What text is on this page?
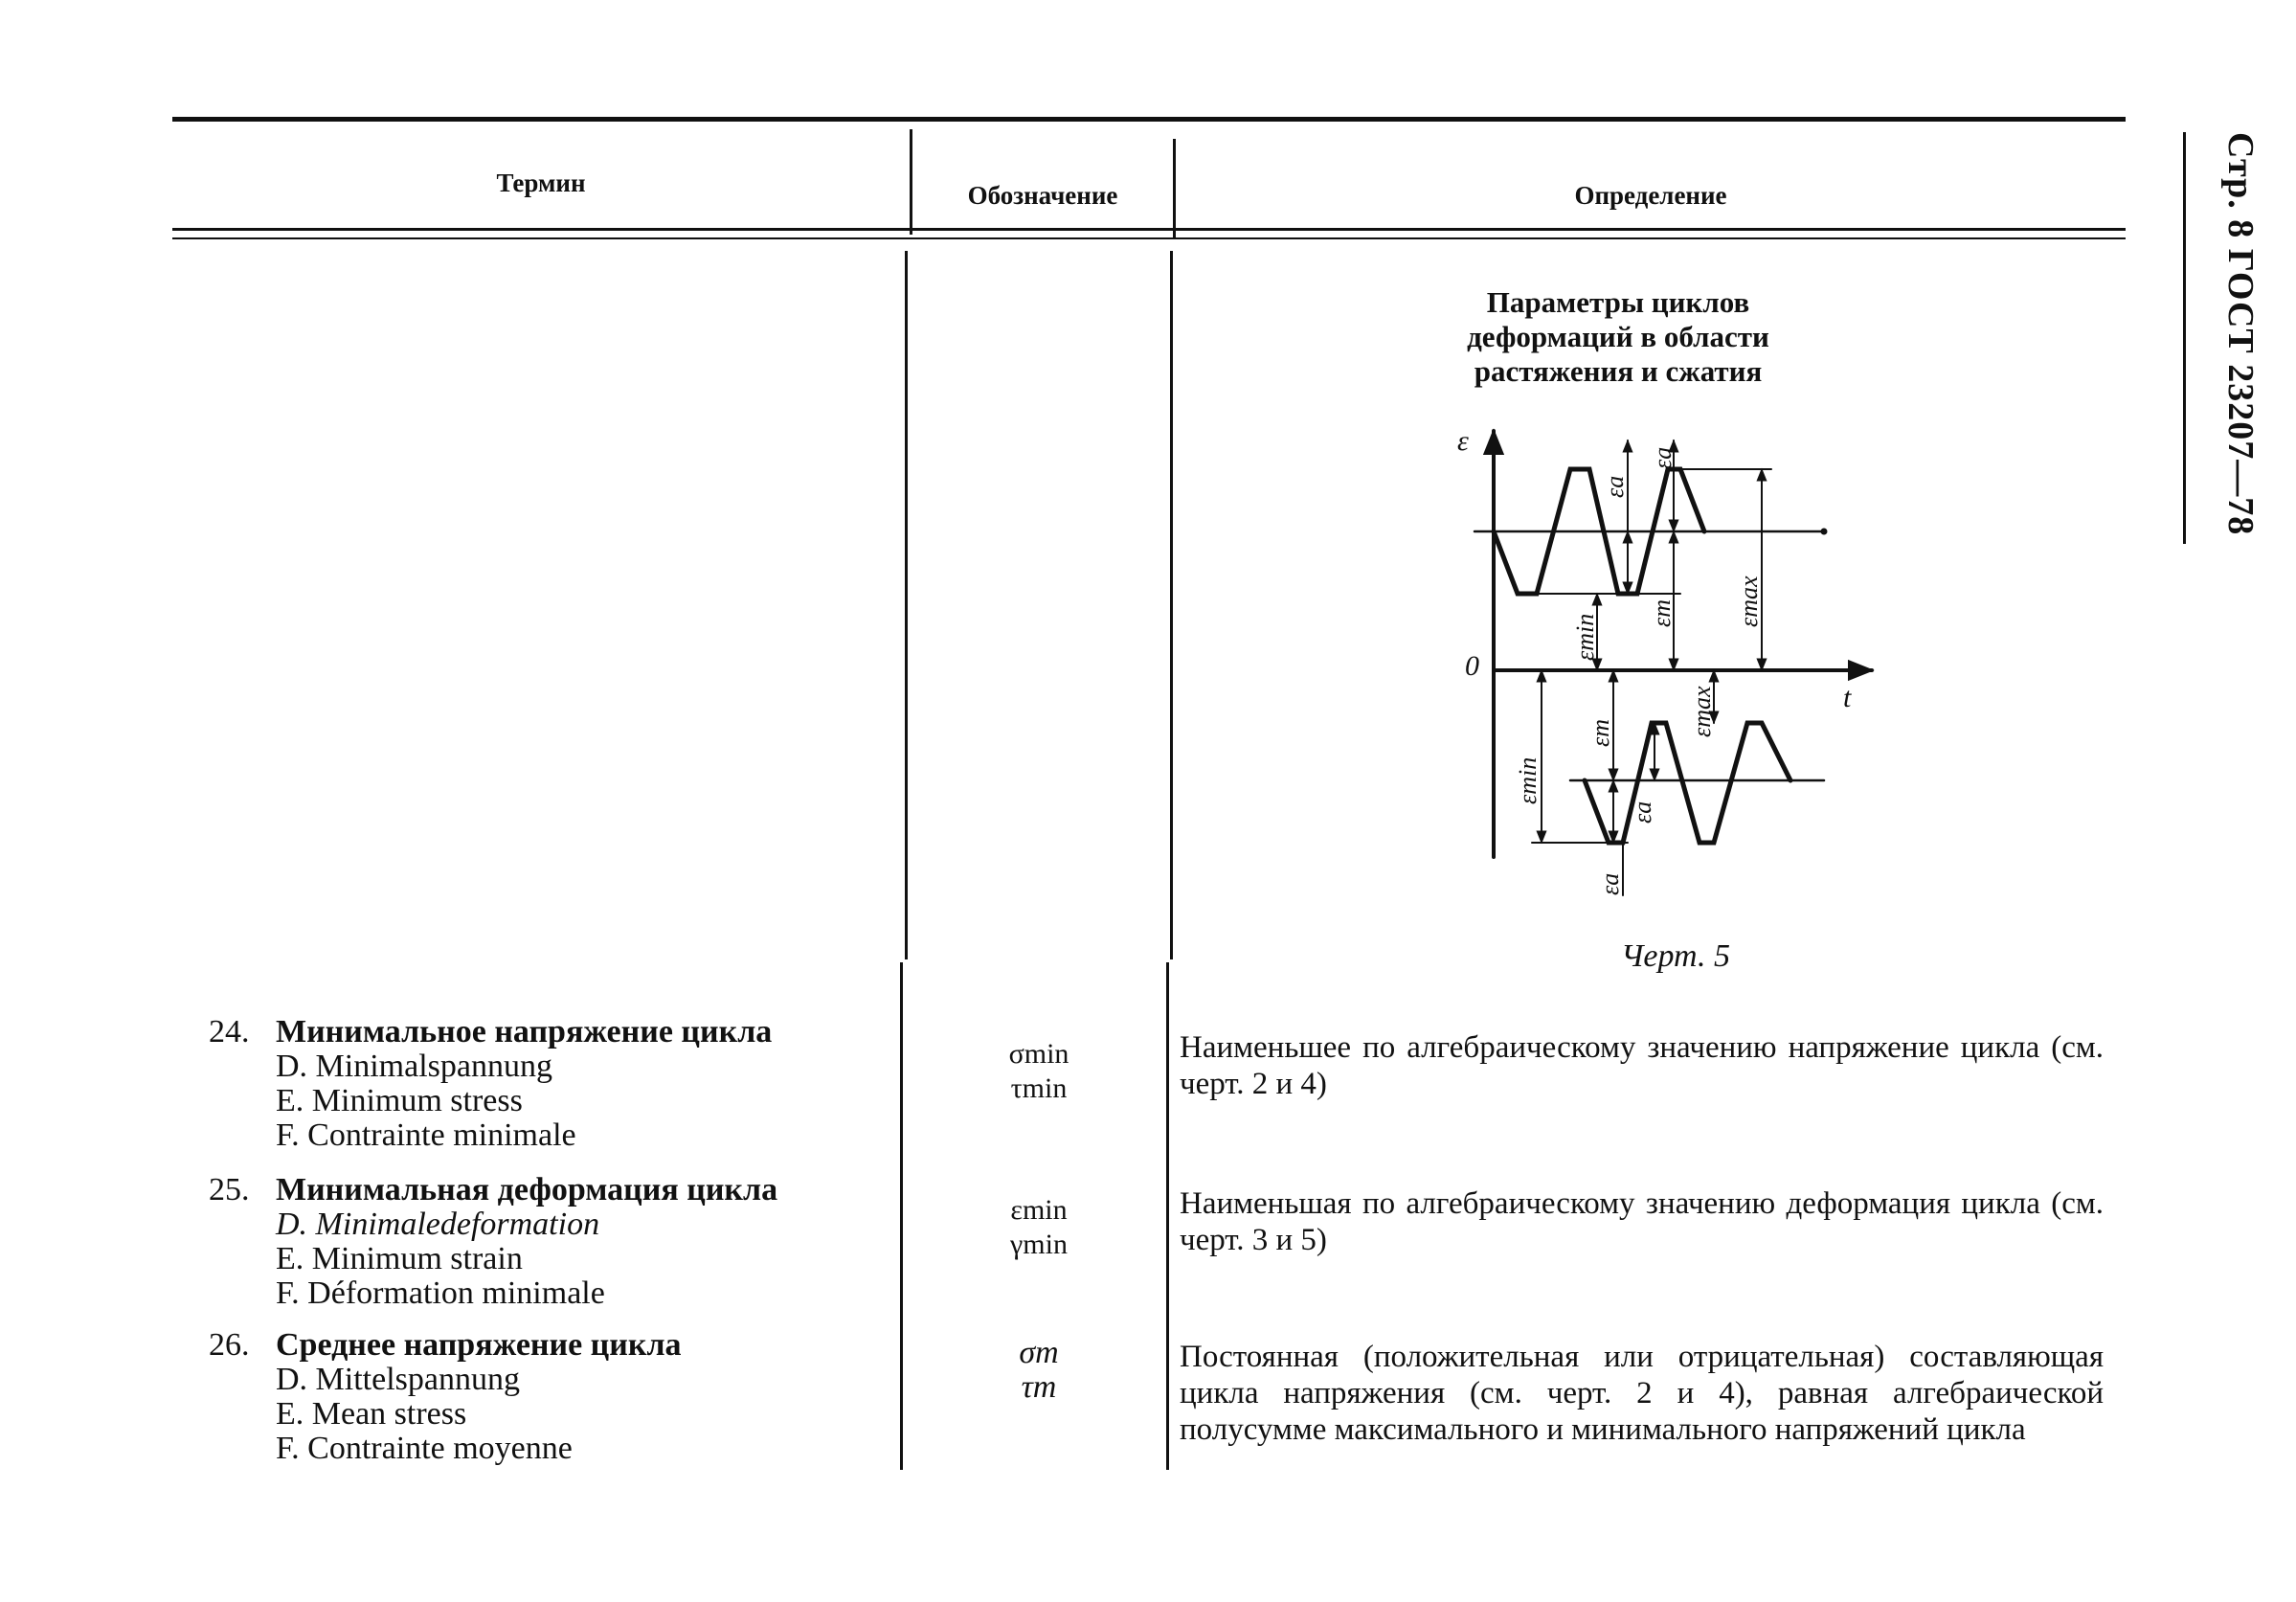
Стр. 8 ГОСТ 23207—78
Термин	Обозначение	Определение
Параметры циклов деформаций в области растяжения и сжатия
ε
t
0
εa
εa
εmax
εmin
εm
εmin
εm
εa
εmax
εa
Черт. 5
24. Минимальное напряжение цикла
D. Minimalspannung
E. Minimum stress
F. Contrainte minimale
σmin
τmin
Наименьшее по алгебраическому значению напряжение цикла (см. черт. 2 и 4)
25. Минимальная деформация цикла
D. Minimaledeformation
E. Minimum strain
F. Déformation minimale
εmin
γmin
Наименьшая по алгебраическому значению деформация цикла (см. черт. 3 и 5)
26. Среднее напряжение цикла
D. Mittelspannung
E. Mean stress
F. Contrainte moyenne
σm
τm
Постоянная (положительная или отрицательная) составляющая цикла напряжения (см. черт. 2 и 4), равная алгебраической полусумме максимального и минимального напряжений цикла
